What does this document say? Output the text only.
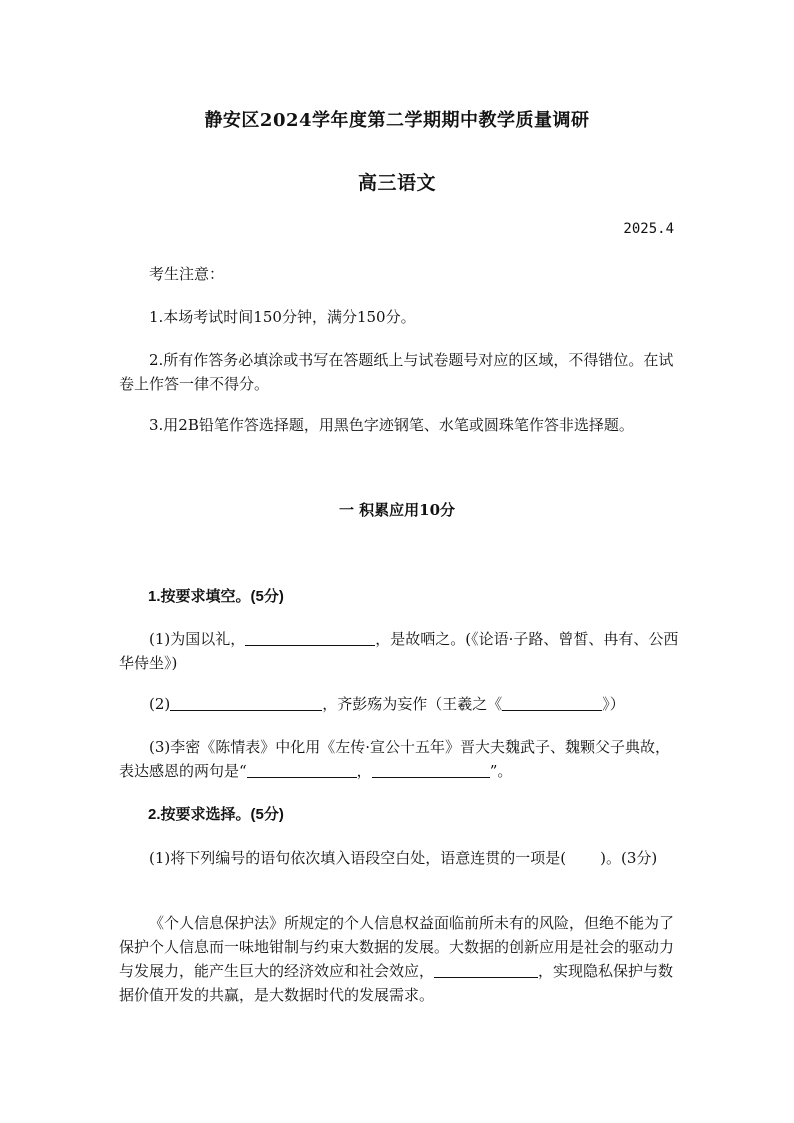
静安区2024学年度第二学期期中教学质量调研
高三语文
2025.4

考生注意：

1.本场考试时间150分钟，满分150分。

2.所有作答务必填涂或书写在答题纸上与试卷题号对应的区域，不得错位。在试卷上作答一律不得分。

3.用2B铅笔作答选择题，用黑色字迹钢笔、水笔或圆珠笔作答非选择题。

一 积累应用10分
1.按要求填空。(5分)

(1)为国以礼，	，是故哂之。(《论语·子路、曾皙、冉有、公西华侍坐》)

(2)	，齐彭殇为妄作（王羲之《	》）

(3)李密《陈情表》中化用《左传·宣公十五年》晋大夫魏武子、魏颗父子典故，表达感恩的两句是“	，	”。

2.按要求选择。(5分)

(1)将下列编号的语句依次填入语段空白处，语意连贯的一项是( )。(3分)

《个人信息保护法》所规定的个人信息权益面临前所未有的风险，但绝不能为了保护个人信息而一味地钳制与约束大数据的发展。大数据的创新应用是社会的驱动力与发展力，能产生巨大的经济效应和社会效应，	，实现隐私保护与数据价值开发的共赢，是大数据时代的发展需求。
